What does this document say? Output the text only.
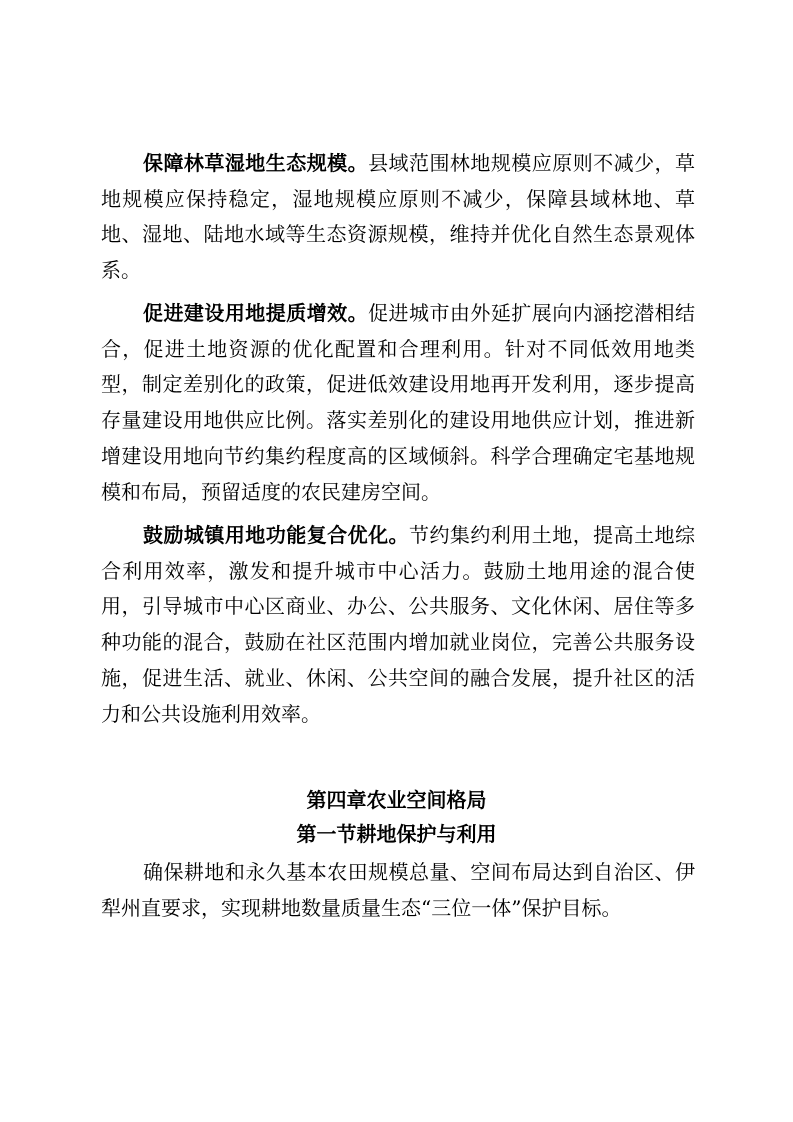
保障林草湿地生态规模。县域范围林地规模应原则不减少，草地规模应保持稳定，湿地规模应原则不减少，保障县域林地、草地、湿地、陆地水域等生态资源规模，维持并优化自然生态景观体系。

促进建设用地提质增效。促进城市由外延扩展向内涵挖潜相结合，促进土地资源的优化配置和合理利用。针对不同低效用地类型，制定差别化的政策，促进低效建设用地再开发利用，逐步提高存量建设用地供应比例。落实差别化的建设用地供应计划，推进新增建设用地向节约集约程度高的区域倾斜。科学合理确定宅基地规模和布局，预留适度的农民建房空间。

鼓励城镇用地功能复合优化。节约集约利用土地，提高土地综合利用效率，激发和提升城市中心活力。鼓励土地用途的混合使用，引导城市中心区商业、办公、公共服务、文化休闲、居住等多种功能的混合，鼓励在社区范围内增加就业岗位，完善公共服务设施，促进生活、就业、休闲、公共空间的融合发展，提升社区的活力和公共设施利用效率。

第四章农业空间格局
第一节耕地保护与利用

确保耕地和永久基本农田规模总量、空间布局达到自治区、伊犁州直要求，实现耕地数量质量生态“三位一体”保护目标。
